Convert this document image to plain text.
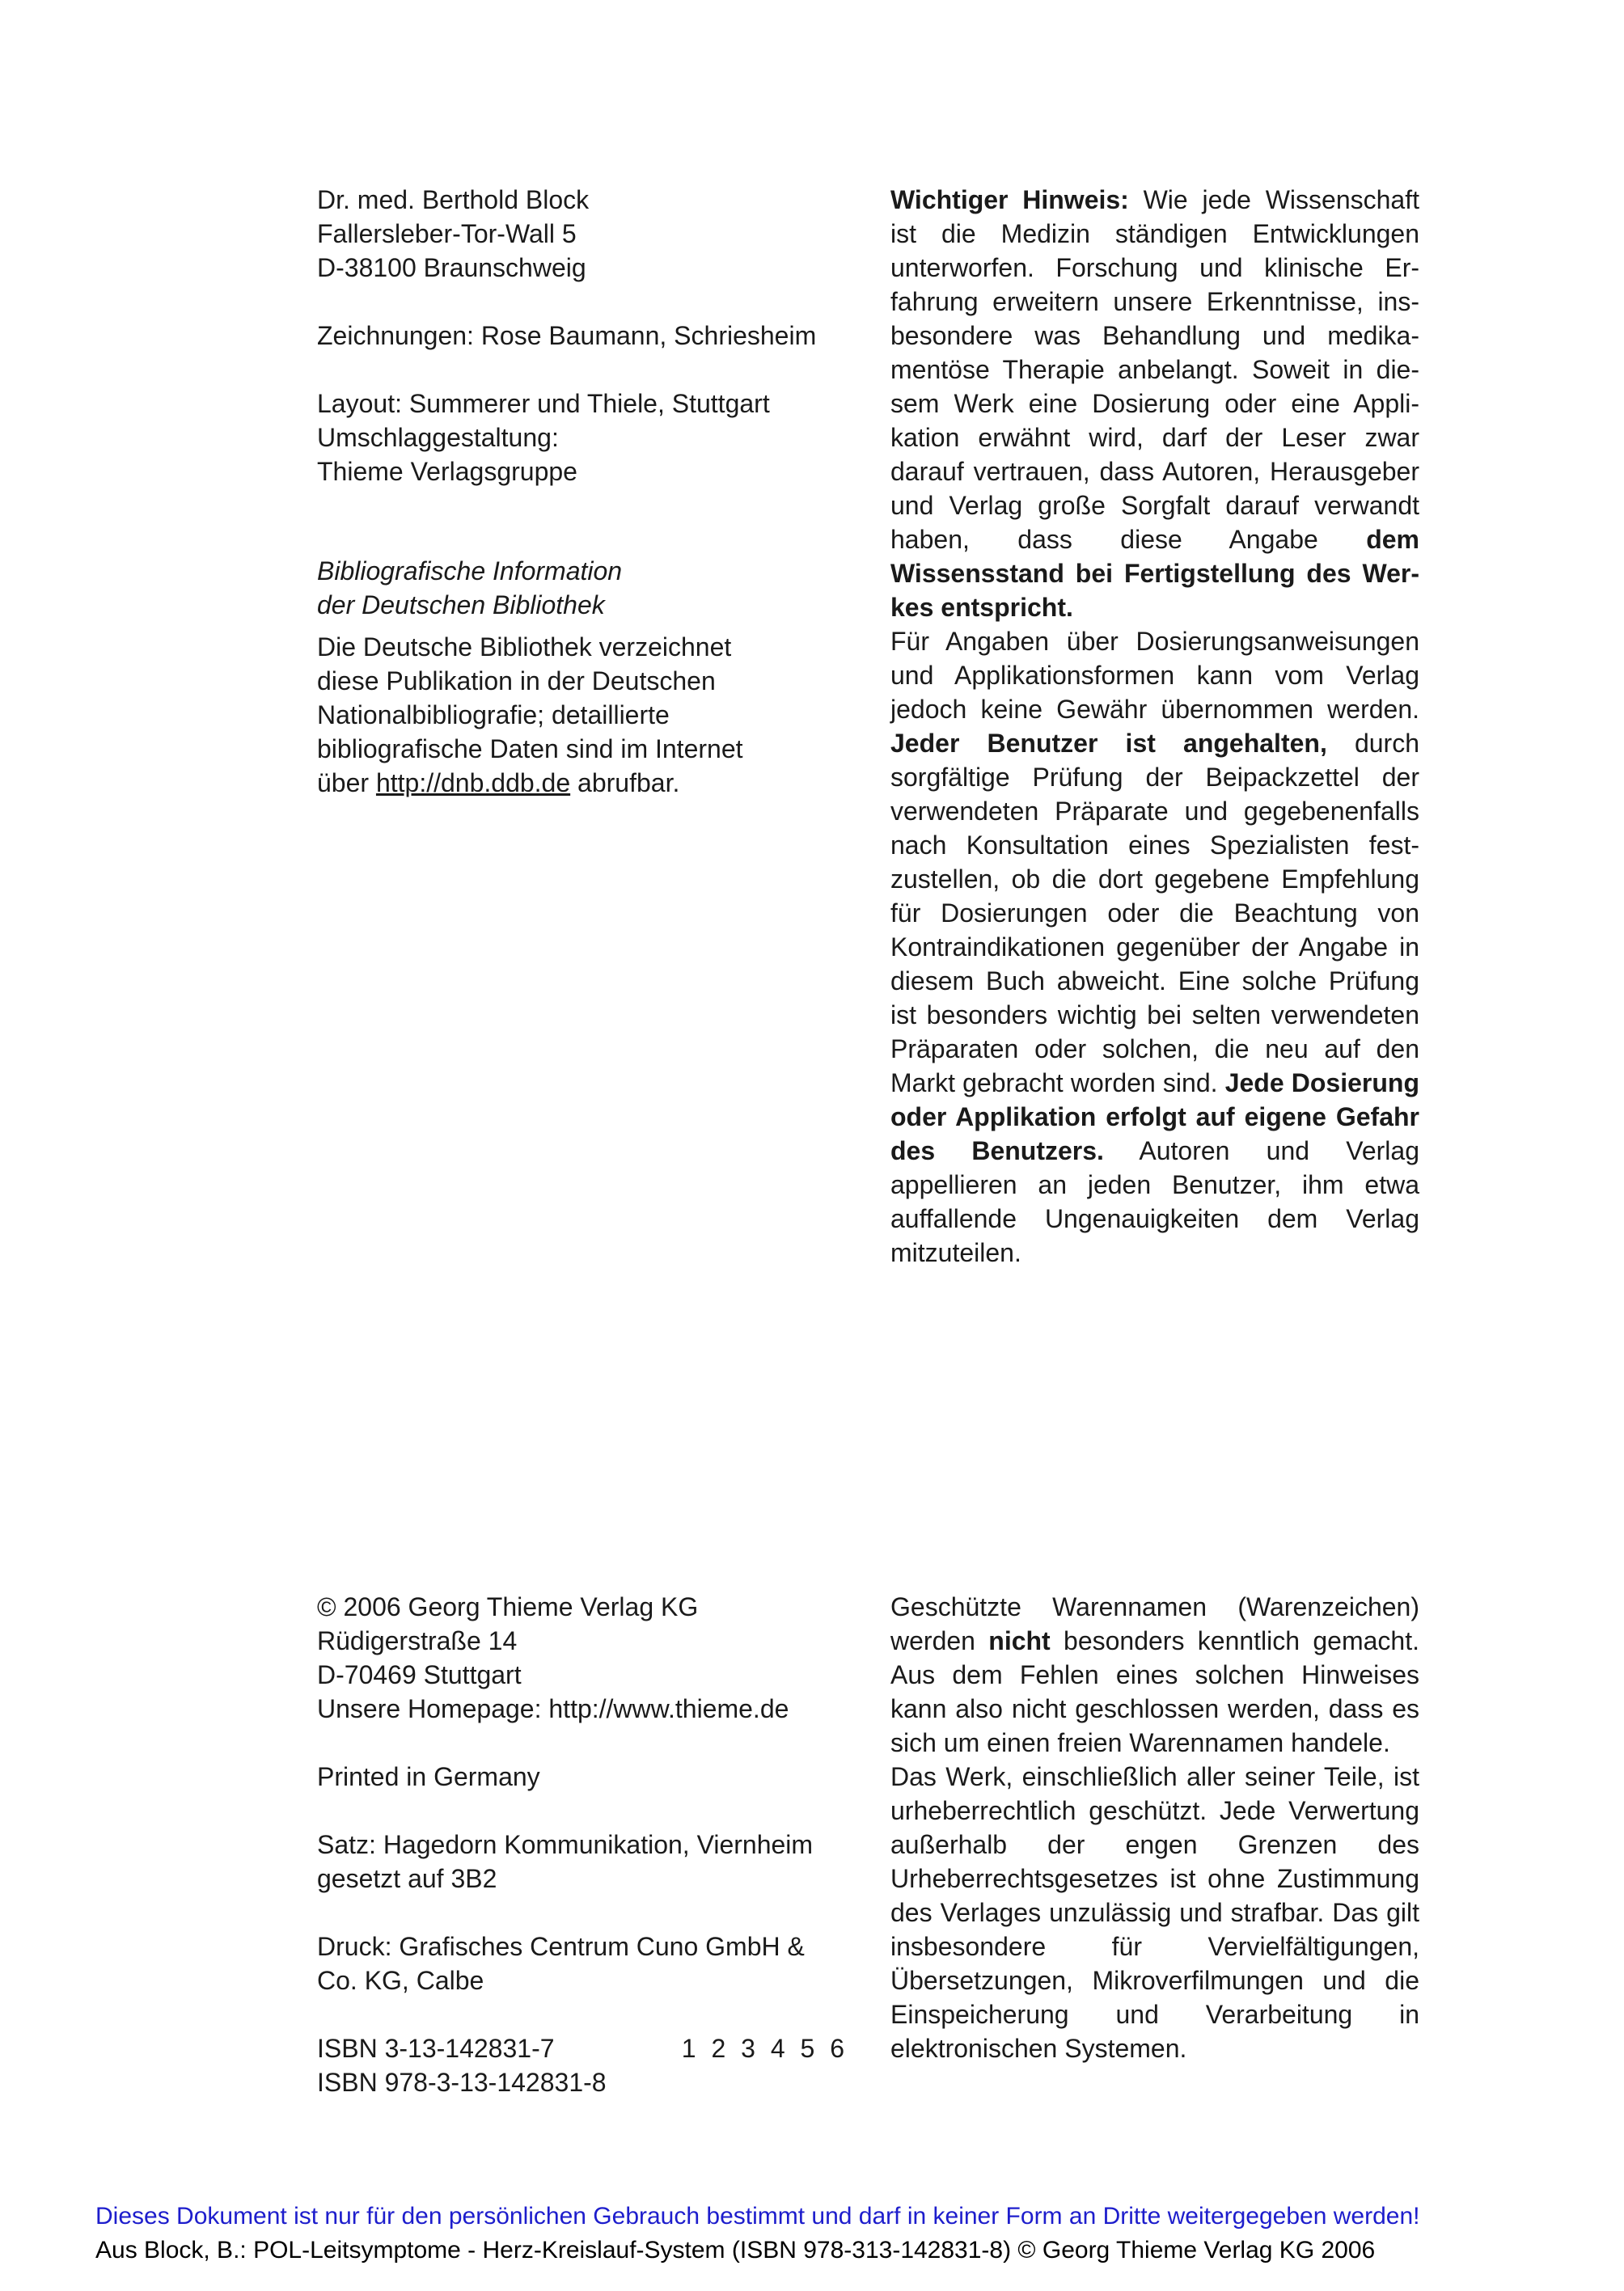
Dr. med. Berthold Block
Fallersleber-Tor-Wall 5
D-38100 Braunschweig
Zeichnungen: Rose Baumann, Schriesheim
Layout: Summerer und Thiele, Stuttgart
Umschlaggestaltung:
Thieme Verlagsgruppe
Bibliografische Information
der Deutschen Bibliothek
Die Deutsche Bibliothek verzeichnet
diese Publikation in der Deutschen
Nationalbibliografie; detaillierte
bibliografische Daten sind im Internet
über http://dnb.ddb.de abrufbar.

Wichtiger Hinweis: Wie jede Wissenschaft ist die Medizin ständigen Entwicklungen unterworfen. Forschung und klinische Erfahrung erweitern unsere Erkenntnisse, insbesondere was Behandlung und medikamentöse Therapie anbelangt. Soweit in diesem Werk eine Dosierung oder eine Applikation erwähnt wird, darf der Leser zwar darauf vertrauen, dass Autoren, Herausgeber und Verlag große Sorgfalt darauf verwandt haben, dass diese Angabe dem Wissensstand bei Fertigstellung des Werkes entspricht.

Für Angaben über Dosierungsanweisungen und Applikationsformen kann vom Verlag jedoch keine Gewähr übernommen werden. Jeder Benutzer ist angehalten, durch sorgfältige Prüfung der Beipackzettel der verwendeten Präparate und gegebenenfalls nach Konsultation eines Spezialisten festzustellen, ob die dort gegebene Empfehlung für Dosierungen oder die Beachtung von Kontraindikationen gegenüber der Angabe in diesem Buch abweicht. Eine solche Prüfung ist besonders wichtig bei selten verwendeten Präparaten oder solchen, die neu auf den Markt gebracht worden sind. Jede Dosierung oder Applikation erfolgt auf eigene Gefahr des Benutzers. Autoren und Verlag appellieren an jeden Benutzer, ihm etwa auffallende Ungenauigkeiten dem Verlag mitzuteilen.

© 2006 Georg Thieme Verlag KG
Rüdigerstraße 14
D-70469 Stuttgart
Unsere Homepage: http://www.thieme.de
Printed in Germany
Satz: Hagedorn Kommunikation, Viernheim
gesetzt auf 3B2
Druck: Grafisches Centrum Cuno GmbH &
Co. KG, Calbe
ISBN 3-13-142831-7	1 2 3 4 5 6
ISBN 978-3-13-142831-8

Geschützte Warennamen (Warenzeichen) werden nicht besonders kenntlich gemacht. Aus dem Fehlen eines solchen Hinweises kann also nicht geschlossen werden, dass es sich um einen freien Warennamen handele.

Das Werk, einschließlich aller seiner Teile, ist urheberrechtlich geschützt. Jede Verwertung außerhalb der engen Grenzen des Urheberrechtsgesetzes ist ohne Zustimmung des Verlages unzulässig und strafbar. Das gilt insbesondere für Vervielfältigungen, Übersetzungen, Mikroverfilmungen und die Einspeicherung und Verarbeitung in elektronischen Systemen.

Dieses Dokument ist nur für den persönlichen Gebrauch bestimmt und darf in keiner Form an Dritte weitergegeben werden!
Aus Block, B.: POL-Leitsymptome - Herz-Kreislauf-System (ISBN 978-313-142831-8) © Georg Thieme Verlag KG 2006
